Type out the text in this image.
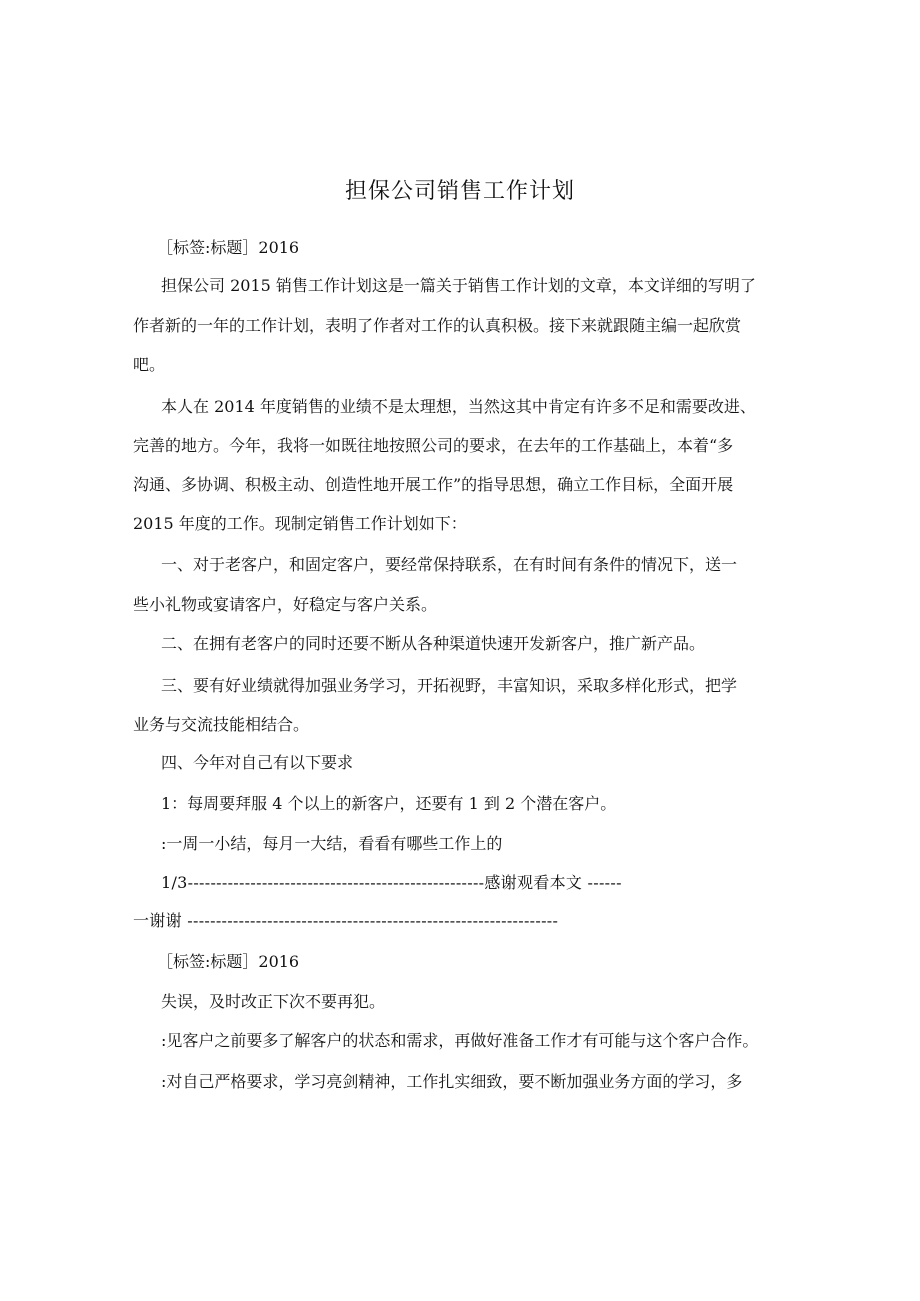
担保公司销售工作计划

［标签:标题］2016

担保公司 2015 销售工作计划这是一篇关于销售工作计划的文章，本文详细的写明了

作者新的一年的工作计划，表明了作者对工作的认真积极。接下来就跟随主编一起欣赏

吧。

本人在 2014 年度销售的业绩不是太理想，当然这其中肯定有许多不足和需要改进、

完善的地方。今年，我将一如既往地按照公司的要求，在去年的工作基础上，本着“多

沟通、多协调、积极主动、创造性地开展工作”的指导思想，确立工作目标，全面开展

2015 年度的工作。现制定销售工作计划如下：

一、对于老客户，和固定客户，要经常保持联系，在有时间有条件的情况下，送一

些小礼物或宴请客户，好稳定与客户关系。

二、在拥有老客户的同时还要不断从各种渠道快速开发新客户，推广新产品。

三、要有好业绩就得加强业务学习，开拓视野，丰富知识，采取多样化形式，把学

业务与交流技能相结合。

四、今年对自己有以下要求

1：每周要拜服 4 个以上的新客户，还要有 1 到 2 个潜在客户。

:一周一小结，每月一大结，看看有哪些工作上的

1/3----------------------------------------------------感谢观看本文 ------

一谢谢 -----------------------------------------------------------------

［标签:标题］2016

失误，及时改正下次不要再犯。

:见客户之前要多了解客户的状态和需求，再做好准备工作才有可能与这个客户合作。

:对自己严格要求，学习亮剑精神，工作扎实细致，要不断加强业务方面的学习，多
